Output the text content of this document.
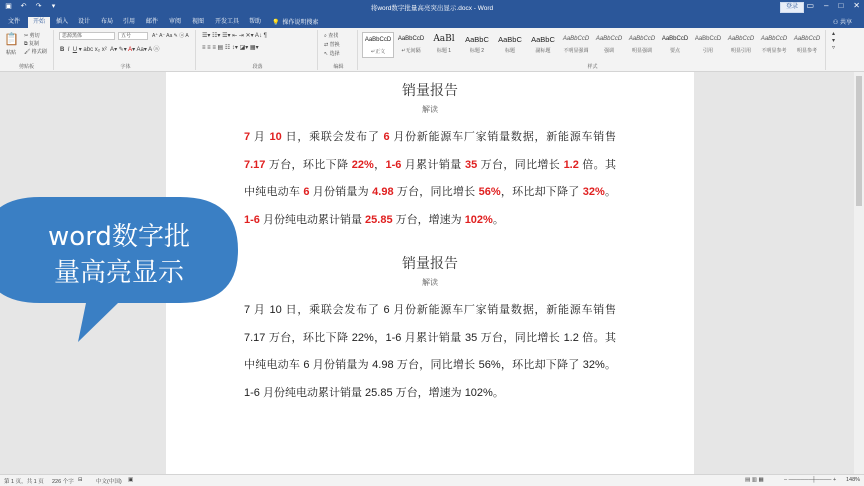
▣ ↶ ↷	▾	将word数字批量高亮突出显示.docx - Word	登录	▭ – □ ✕
文件	开始	插入	设计	布局	引用	邮件	审阅	视图	开发工具	帮助	💡 操作说明搜索	⚇ 共享
📋
粘贴
✂ 剪切
⧉ 复制
🖌 格式刷
剪贴板
思源黑体	五号	A⁺ A⁻ Aa ✎ ⓐ A
B I U ▾ abc x₂ x²  A▾ ✎▾ A▾ Aa▾ A ⓐ
字体
☰▾ ☷▾ ☰▾ ⇤ ⇥ ✕▾ A↓ ¶
≡ ≡ ≡ ▤ ☷ ↕▾ ◪▾ ▦▾
段落
⌕ 查找
⇄ 替换
↖ 选择
编辑
AaBbCcD
↵正文
AaBbCcD
↵无间隔
AaBl
标题 1
AaBbC
标题 2
AaBbC
标题
AaBbC
副标题
AaBbCcD
不明显强调
AaBbCcD
强调
AaBbCcD
明显强调
AaBbCcD
要点
AaBbCcD
引用
AaBbCcD
明显引用
AaBbCcD
不明显参考
AaBbCcD
明显参考
样式
▴
▾
▿
销量报告
解读
7 月 10 日，乘联会发布了 6 月份新能源车厂家销量数据，新能源车销售 7.17 万台，环比下降 22%，1-6 月累计销量 35 万台，同比增长 1.2 倍。其中纯电动车 6 月份销量为 4.98 万台，同比增长 56%，环比却下降了 32%。1-6 月份纯电动累计销量 25.85 万台，增速为 102%。
销量报告
解读
7 月 10 日，乘联会发布了 6 月份新能源车厂家销量数据，新能源车销售 7.17 万台，环比下降 22%，1-6 月累计销量 35 万台，同比增长 1.2 倍。其中纯电动车 6 月份销量为 4.98 万台，同比增长 56%，环比却下降了 32%。1-6 月份纯电动累计销量 25.85 万台，增速为 102%。
word数字批
量高亮显示
第 1 页，共 1 页 226 个字 ⊟ 中文(中国) ▣	▤ ▥ ▦	– ──────┼──── + 148%
